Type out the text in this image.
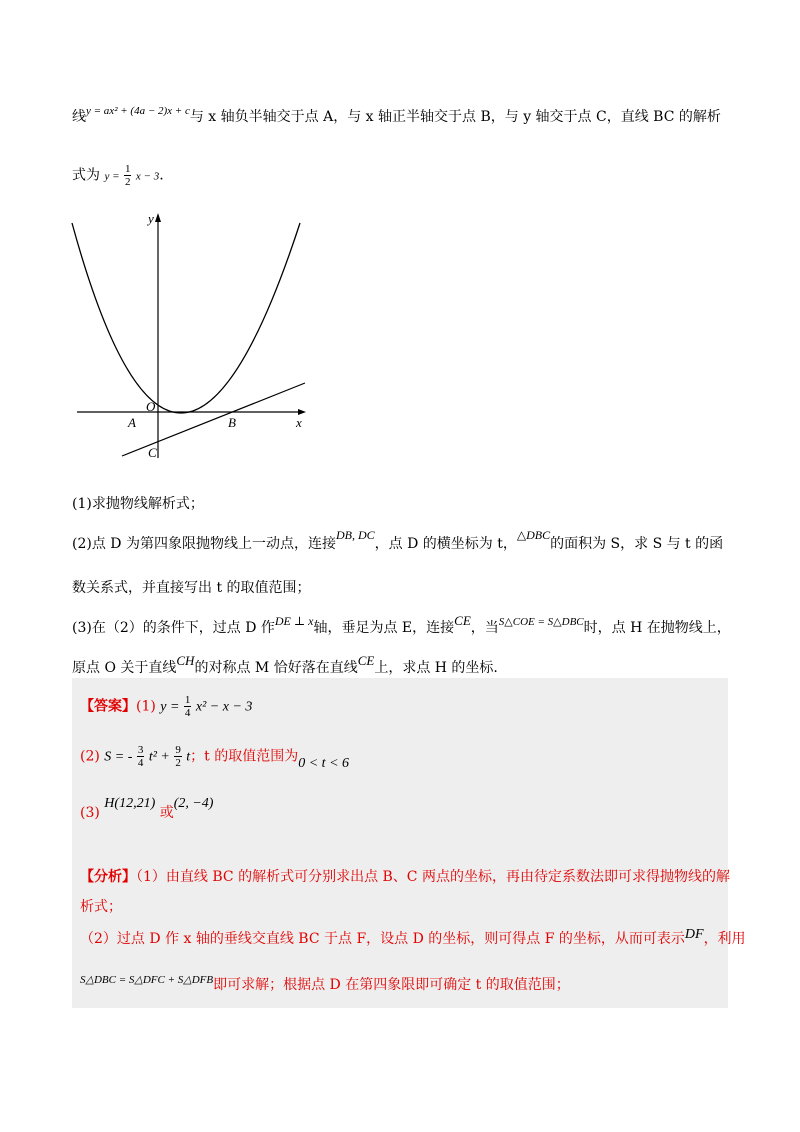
线$^{y = ax^2 + (4a - 2)x + c}$与 x 轴负半轴交于点 A，与 x 轴正半轴交于点 B，与 y 轴交于点 C，直线 BC 的解析
式为 $y = \frac{1}{2}$ x − 3.
y
x
O
A	B
C
(1)求抛物线解析式；
(2)点 D 为第四象限抛物线上一动点，连接DB, DC，点 D 的横坐标为 t，△DBC的面积为 S，求 S 与 t 的函
数关系式，并直接写出 t 的取值范围；
(3)在（2）的条件下，过点 D 作DE ⊥ x轴，垂足为点 E，连接CE，当$^{S\triangle COE = S\triangle DBC}$时，点 H 在抛物线上，
原点 O 关于直线CH的对称点 M 恰好落在直线CE上，求点 H 的坐标.
【答案】(1) $y = \frac{1}{4} x^2 - x - 3$
(2) S = - $\frac{3}{4} t^2 + \frac{9}{2}$ t；t 的取值范围为0 < t < 6
(3) H(12,21) 或(2, −4)
【分析】（1）由直线 BC 的解析式可分别求出点 B、C 两点的坐标，再由待定系数法即可求得抛物线的解
析式；
（2）过点 D 作 x 轴的垂线交直线 BC 于点 F，设点 D 的坐标，则可得点 F 的坐标，从而可表示DF，利用
$^{S\triangle DBC = S\triangle DFC + S\triangle DFB}$即可求解；根据点 D 在第四象限即可确定 t 的取值范围；
